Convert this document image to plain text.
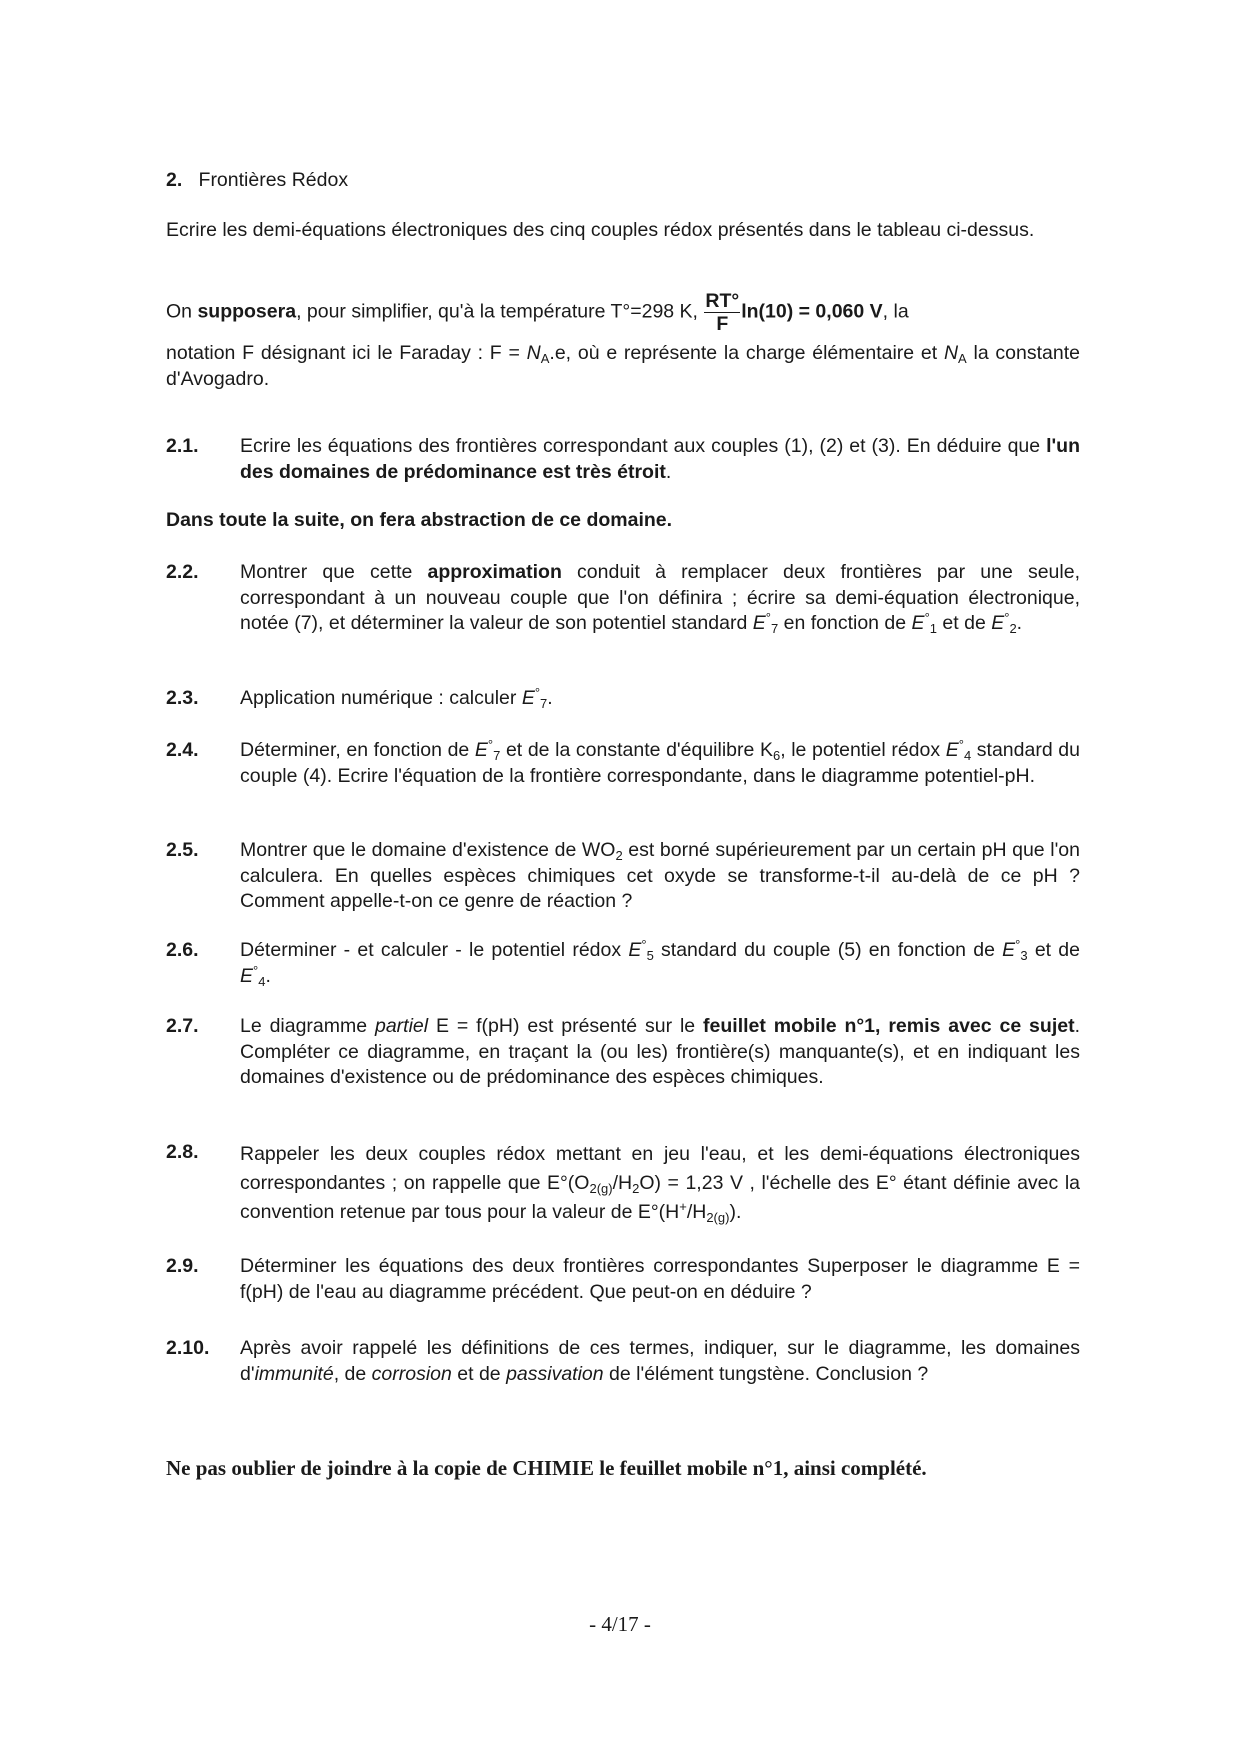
2. Frontières Rédox
Ecrire les demi-équations électroniques des cinq couples rédox présentés dans le tableau ci-dessus.
On supposera, pour simplifier, qu'à la température T°=298 K, $\frac{RT^\circ}{F} \ln(10) = 0,060$ V, la
notation F désignant ici le Faraday : $F = N_A.e$, où e représente la charge élémentaire et $N_A$ la constante d'Avogadro.
2.1. Ecrire les équations des frontières correspondant aux couples (1), (2) et (3). En déduire que l'un des domaines de prédominance est très étroit.
Dans toute la suite, on fera abstraction de ce domaine.
2.2. Montrer que cette approximation conduit à remplacer deux frontières par une seule, correspondant à un nouveau couple que l'on définira ; écrire sa demi-équation électronique, notée (7), et déterminer la valeur de son potentiel standard $E^\circ_7$ en fonction de $E^\circ_1$ et de $E^\circ_2$.
2.3. Application numérique : calculer $E^\circ_7$.
2.4. Déterminer, en fonction de $E^\circ_7$ et de la constante d'équilibre $K_6$, le potentiel rédox $E^\circ_4$ standard du couple (4). Ecrire l'équation de la frontière correspondante, dans le diagramme potentiel-pH.
2.5. Montrer que le domaine d'existence de $WO_2$ est borné supérieurement par un certain pH que l'on calculera. En quelles espèces chimiques cet oxyde se transforme-t-il au-delà de ce pH ? Comment appelle-t-on ce genre de réaction ?
2.6. Déterminer - et calculer - le potentiel rédox $E^\circ_5$ standard du couple (5) en fonction de $E^\circ_3$ et de $E^\circ_4$.
2.7. Le diagramme partiel E = f(pH) est présenté sur le feuillet mobile n°1, remis avec ce sujet. Compléter ce diagramme, en traçant la (ou les) frontière(s) manquante(s), et en indiquant les domaines d'existence ou de prédominance des espèces chimiques.
2.8. Rappeler les deux couples rédox mettant en jeu l'eau, et les demi-équations électroniques correspondantes ; on rappelle que $E^\circ(O_{2(g)}/H_2O) = 1,23$ V , l'échelle des E° étant définie avec la convention retenue par tous pour la valeur de $E^\circ(H^+/H_{2(g)})$.
2.9. Déterminer les équations des deux frontières correspondantes Superposer le diagramme E = f(pH) de l'eau au diagramme précédent. Que peut-on en déduire ?
2.10. Après avoir rappelé les définitions de ces termes, indiquer, sur le diagramme, les domaines d'immunité, de corrosion et de passivation de l'élément tungstène. Conclusion ?
Ne pas oublier de joindre à la copie de CHIMIE le feuillet mobile n°1, ainsi complété.
- 4/17 -
